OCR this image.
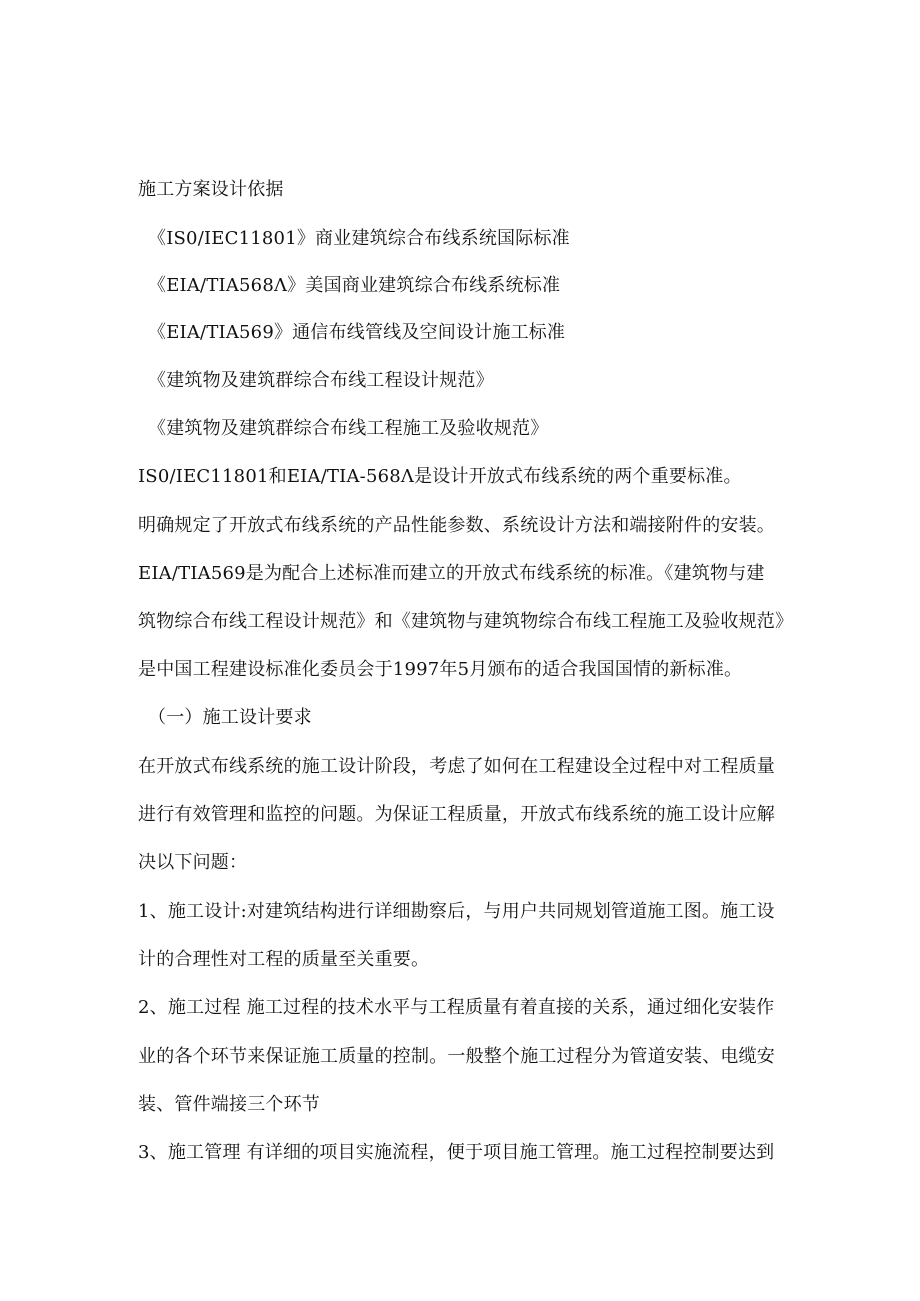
施工方案设计依据
《IS0/IEC11801》商业建筑综合布线系统国际标准
《EIA/TIA568Λ》美国商业建筑综合布线系统标准
《EIA/TIA569》通信布线管线及空间设计施工标准
《建筑物及建筑群综合布线工程设计规范》
《建筑物及建筑群综合布线工程施工及验收规范》
IS0/IEC11801和EIA/TIA-568Λ是设计开放式布线系统的两个重要标准。
明确规定了开放式布线系统的产品性能参数、系统设计方法和端接附件的安装。
EIA/TIA569是为配合上述标准而建立的开放式布线系统的标准。《建筑物与建
筑物综合布线工程设计规范》和《建筑物与建筑物综合布线工程施工及验收规范》
是中国工程建设标准化委员会于1997年5月颁布的适合我国国情的新标准。
（一）施工设计要求
在开放式布线系统的施工设计阶段，考虑了如何在工程建设全过程中对工程质量
进行有效管理和监控的问题。为保证工程质量，开放式布线系统的施工设计应解
决以下问题：
1、施工设计:对建筑结构进行详细勘察后，与用户共同规划管道施工图。施工设
计的合理性对工程的质量至关重要。
2、施工过程 施工过程的技术水平与工程质量有着直接的关系，通过细化安装作
业的各个环节来保证施工质量的控制。一般整个施工过程分为管道安装、电缆安
装、管件端接三个环节
3、施工管理 有详细的项目实施流程，便于项目施工管理。施工过程控制要达到
